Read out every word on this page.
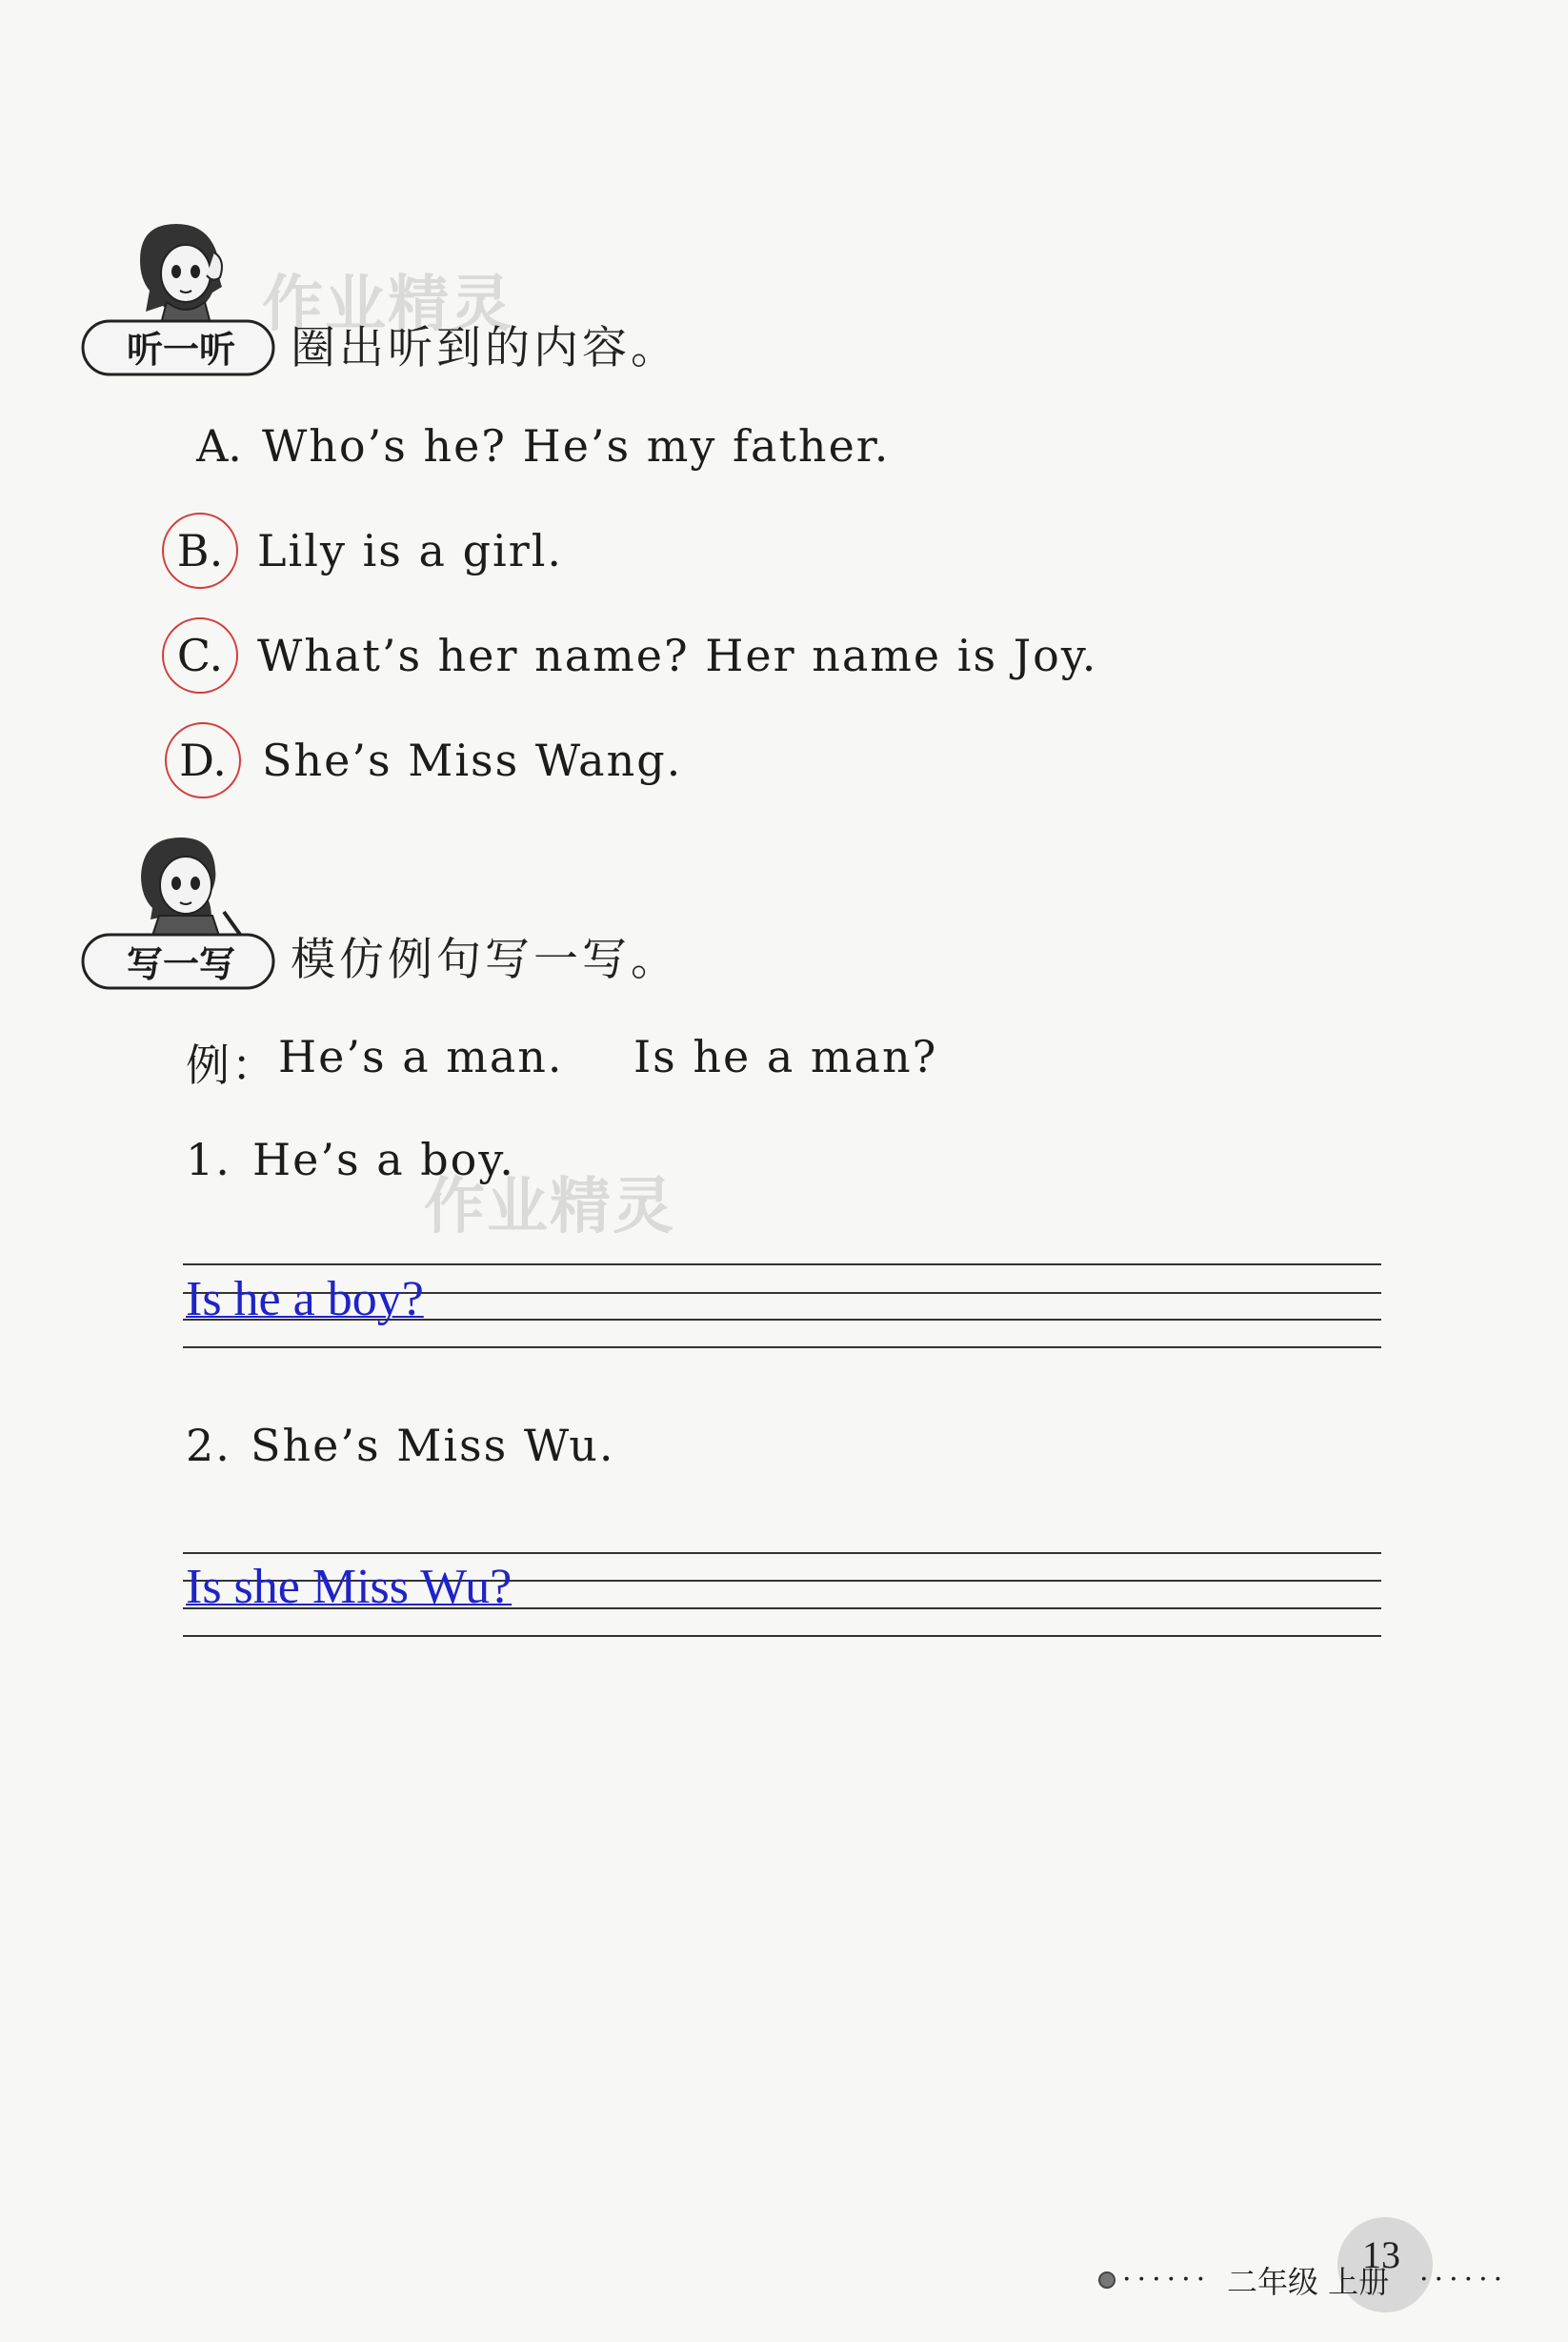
听一听
作业精灵
圈出听到的内容。
A. Who’s he? He’s my father.
B. Lily is a girl.
C. What’s her name? Her name is Joy.
D. She’s Miss Wang.
写一写	模仿例句写一写。
例： He’s a man. Is he a man?
1. He’s a boy.
作业精灵
Is he a boy?
2. She’s Miss Wu.
Is she Miss Wu?
13
······ 二年级 上册 ······
